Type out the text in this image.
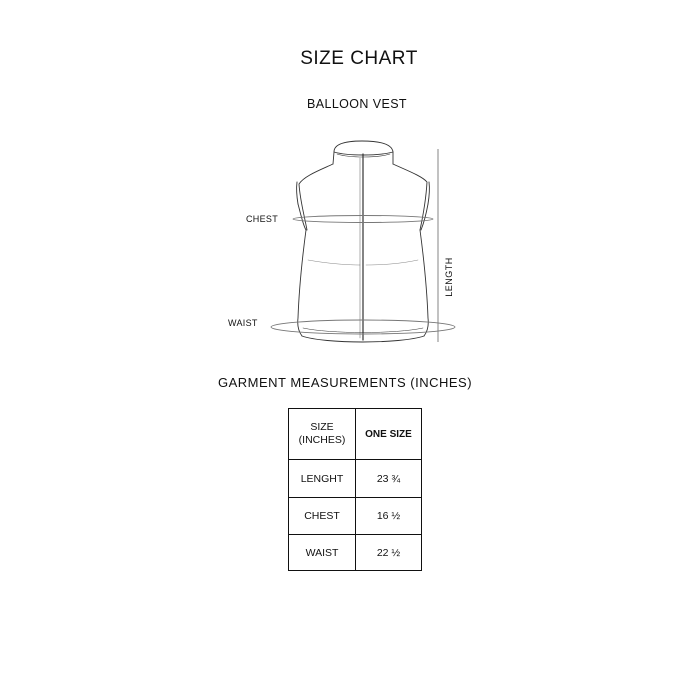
SIZE CHART
BALLOON VEST
CHEST
WAIST
LENGTH
GARMENT MEASUREMENTS (INCHES)
SIZE
(INCHES)	ONE SIZE
LENGHT	23 ¾
CHEST	16 ½
WAIST	22 ½
